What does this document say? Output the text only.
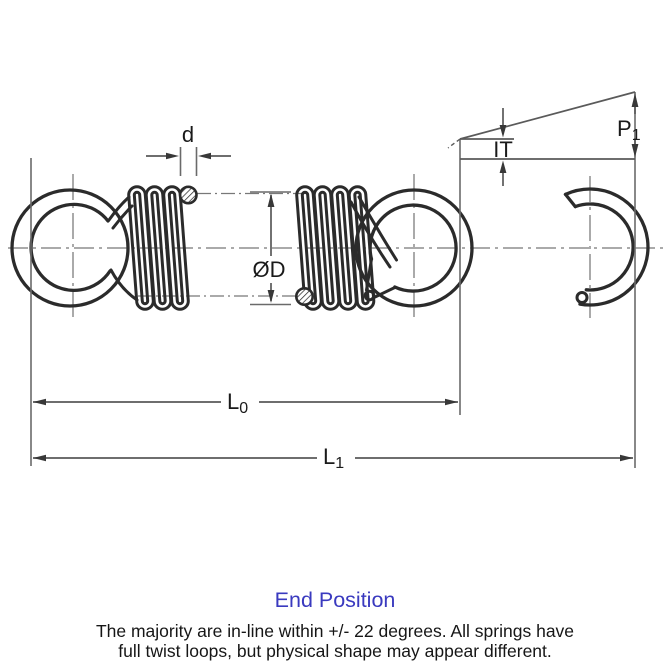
d
ØD
IT
P1
L0
L1
End Position
The majority are in-line within +/- 22 degrees. All springs have
full twist loops, but physical shape may appear different.
